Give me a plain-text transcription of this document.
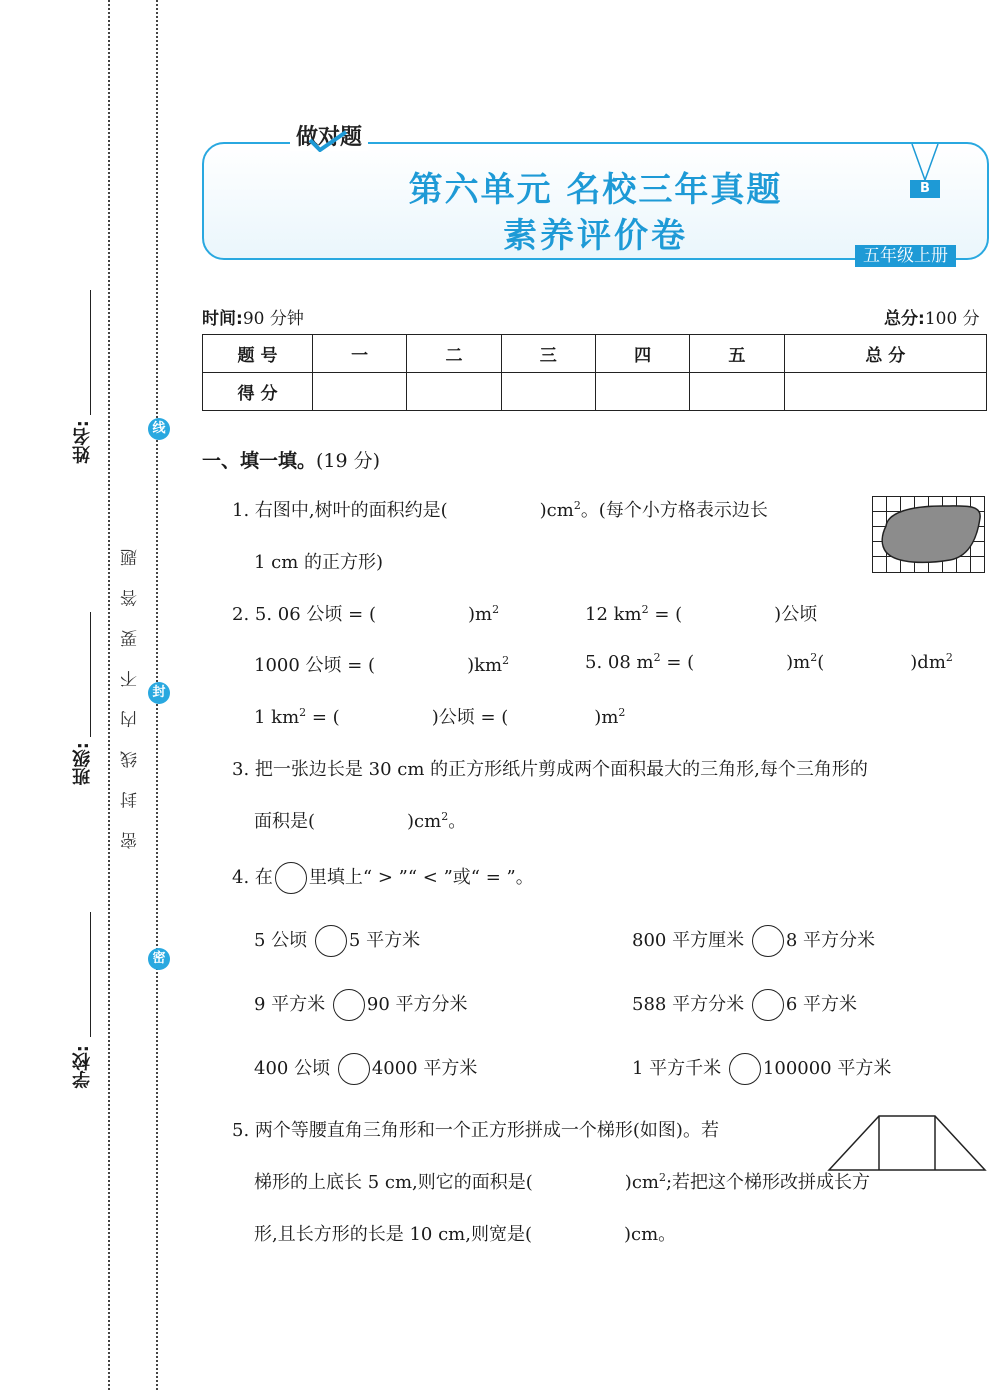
姓名:
班级:
学校:
密 封 线 内 不 要 答 题
线
封
密
第六单元 名校三年真题
素养评价卷
做对题
B
五年级上册
时间:90 分钟	总分:100 分
题 号	一	二	三	四	五	总 分
得 分						
一、填一填。(19 分)
1. 右图中,树叶的面积约是(	)$cm^2$。(每个小方格表示边长
1 cm 的正方形)
2. 5. 06 公顷 = (	)$m^2$	12 $km^2$ = (	)公顷
1000 公顷 = (	)$km^2$	5. 08 $m^2$ = (	)$m^2$(	)$dm^2$
1 $km^2$ = (	)公顷 = (	)$m^2$
3. 把一张边长是 30 cm 的正方形纸片剪成两个面积最大的三角形,每个三角形的
面积是(	)$cm^2$。
4. 在 里填上“ > ”“ < ”或“ = ”。
5 公顷 5 平方米	800 平方厘米 8 平方分米
9 平方米 90 平方分米	588 平方分米 6 平方米
400 公顷 4000 平方米	1 平方千米 100000 平方米
5. 两个等腰直角三角形和一个正方形拼成一个梯形(如图)。若
梯形的上底长 5 cm,则它的面积是(	)$cm^2$;若把这个梯形改拼成长方
形,且长方形的长是 10 cm,则宽是(	)cm。
